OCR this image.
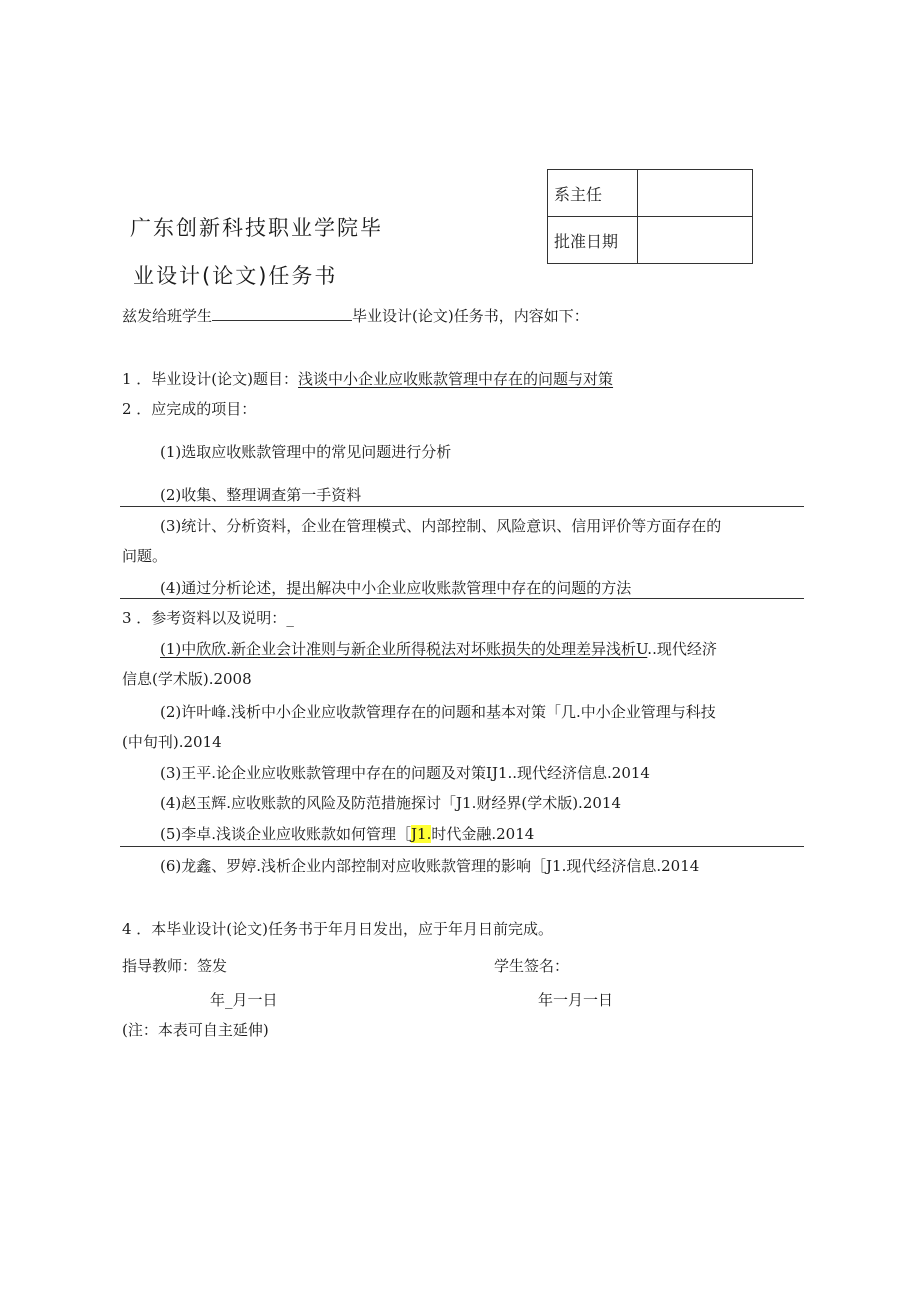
系主任	
批准日期	
广东创新科技职业学院毕
业设计(论文)任务书
兹发给班学生	毕业设计(论文)任务书，内容如下：
1 ．毕业设计(论文)题目：浅谈中小企业应收账款管理中存在的问题与对策
2 ．应完成的项目：
(1)选取应收账款管理中的常见问题进行分析
(2)收集、整理调查第一手资料
(3)统计、分析资料，企业在管理模式、内部控制、风险意识、信用评价等方面存在的
问题。
(4)通过分析论述，提出解决中小企业应收账款管理中存在的问题的方法
3 ．参考资料以及说明：_
(1)中欣欣.新企业会计准则与新企业所得税法对坏账损失的处理差异浅析U..现代经济
信息(学术版).2008
(2)许叶峰.浅析中小企业应收款管理存在的问题和基本对策「几.中小企业管理与科技
(中旬刊).2014
(3)王平.论企业应收账款管理中存在的问题及对策IJ1..现代经济信息.2014
(4)赵玉辉.应收账款的风险及防范措施探讨「J1.财经界(学术版).2014
(5)李卓.浅谈企业应收账款如何管理［J1.时代金融.2014
(6)龙鑫、罗婷.浅析企业内部控制对应收账款管理的影响［J1.现代经济信息.2014
4 ．本毕业设计(论文)任务书于年月日发出，应于年月日前完成。
指导教师：签发	学生签名：
年_月一日	年一月一日
(注：本表可自主延伸)
